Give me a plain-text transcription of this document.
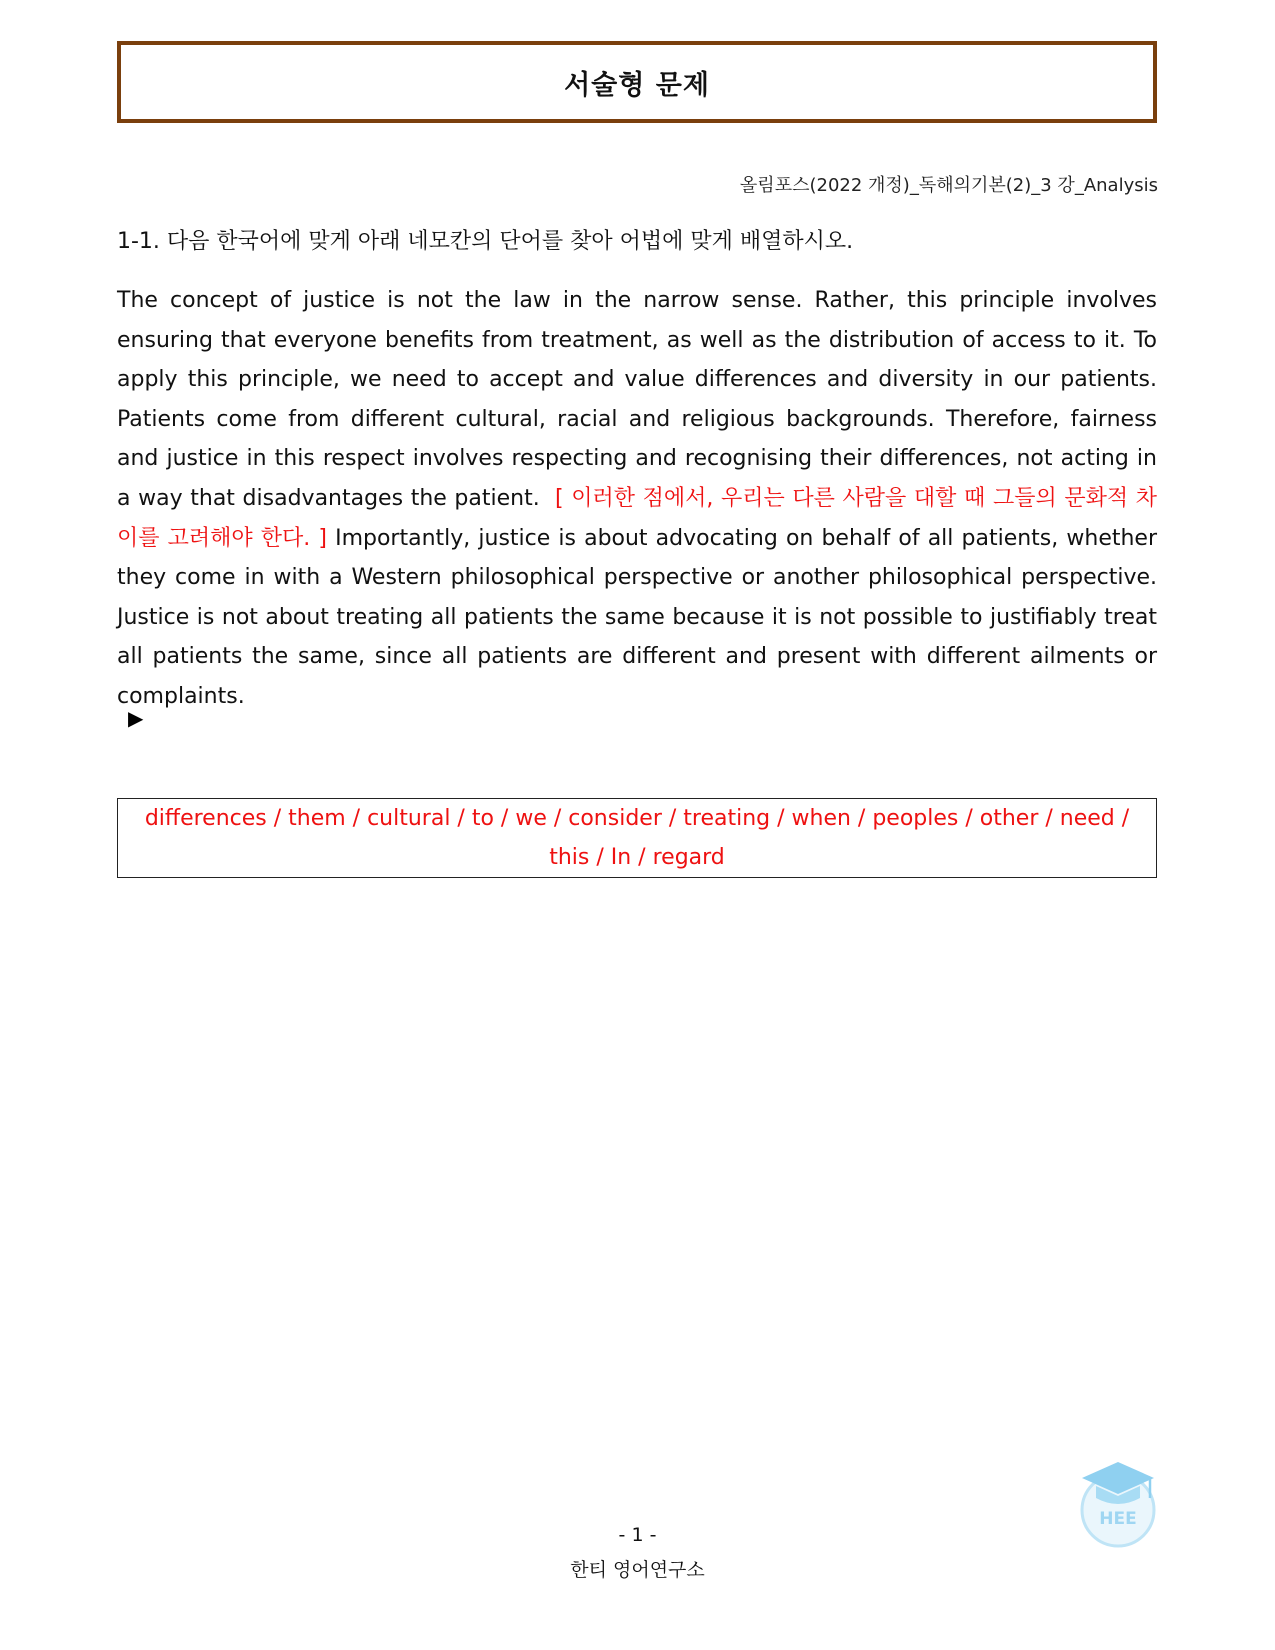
서술형 문제
올림포스(2022 개정)_독해의기본(2)_3 강_Analysis
1-1. 다음 한국어에 맞게 아래 네모칸의 단어를 찾아 어법에 맞게 배열하시오.

The concept of justice is not the law in the narrow sense. Rather, this principle involves ensuring that everyone benefits from treatment, as well as the distribution of access to it. To apply this principle, we need to accept and value differences and diversity in our patients. Patients come from different cultural, racial and religious backgrounds. Therefore, fairness and justice in this respect involves respecting and recognising their differences, not acting in a way that disadvantages the patient. [ 이러한 점에서, 우리는 다른 사람을 대할 때 그들의 문화적 차이를 고려해야 한다. ] Importantly, justice is about advocating on behalf of all patients, whether they come in with a Western philosophical perspective or another philosophical perspective. Justice is not about treating all patients the same because it is not possible to justifiably treat all patients the same, since all patients are different and present with different ailments or complaints.

▶
differences / them / cultural / to / we / consider / treating / when / peoples / other / need / this / In / regard
- 1 -
한티 영어연구소
HEE
